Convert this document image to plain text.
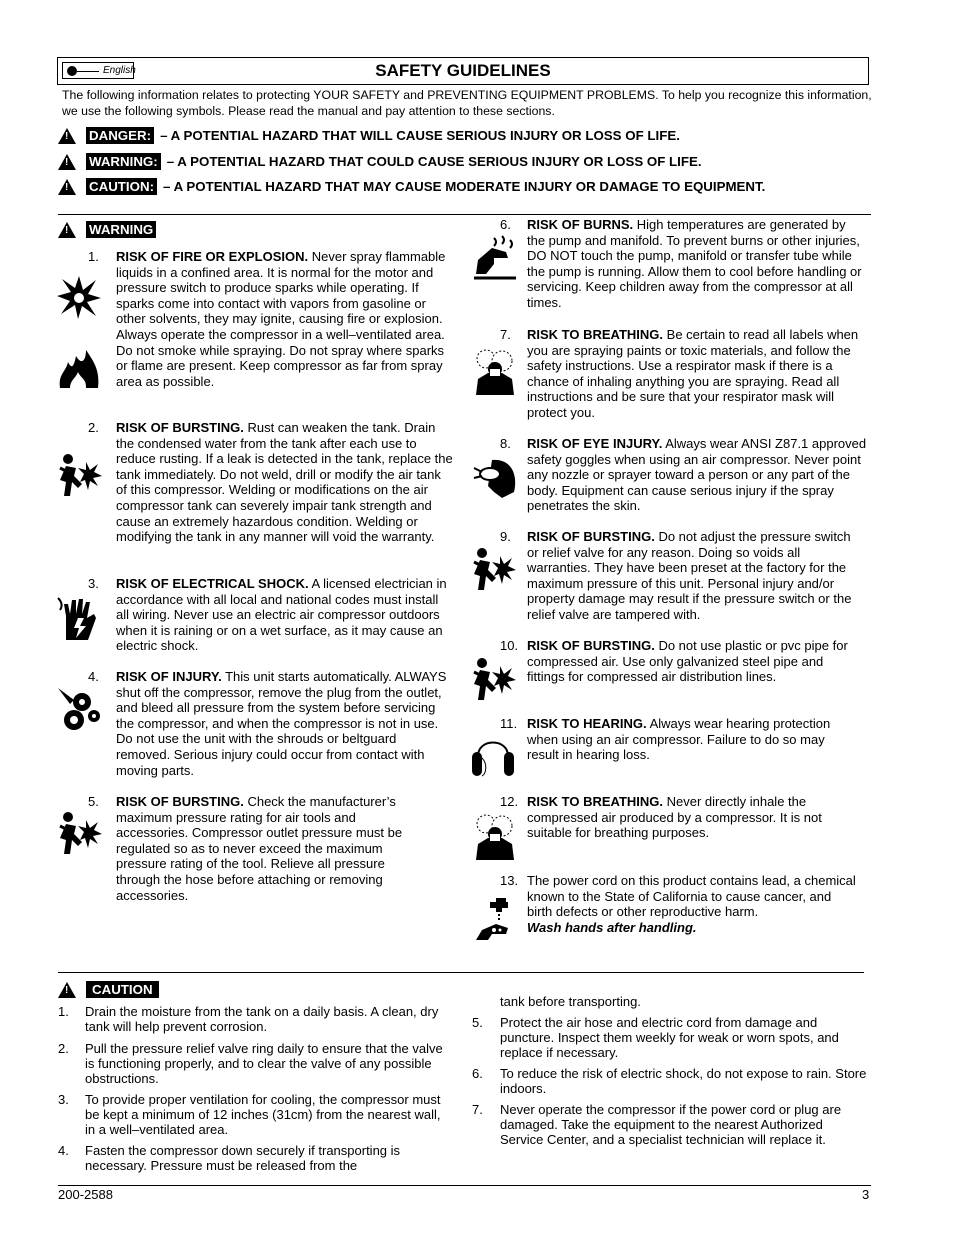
English	SAFETY GUIDELINES
The following information relates to protecting YOUR SAFETY and PREVENTING EQUIPMENT PROBLEMS. To help you recognize this information, we use the following symbols. Please read the manual and pay attention to these sections.
!
DANGER: – A POTENTIAL HAZARD THAT WILL CAUSE SERIOUS INJURY OR LOSS OF LIFE.
!
WARNING: – A POTENTIAL HAZARD THAT COULD CAUSE SERIOUS INJURY OR LOSS OF LIFE.
!
CAUTION: – A POTENTIAL HAZARD THAT MAY CAUSE MODERATE INJURY OR DAMAGE TO EQUIPMENT.
!
WARNING
1. RISK OF FIRE OR EXPLOSION. Never spray flammable liquids in a confined area. It is normal for the motor and pressure switch to produce sparks while operating. If sparks come into contact with vapors from gasoline or other solvents, they may ignite, causing fire or explosion. Always operate the compressor in a well–ventilated area. Do not smoke while spraying. Do not spray where sparks or flame are present. Keep compressor as far from spray area as possible.
2. RISK OF BURSTING. Rust can weaken the tank. Drain the condensed water from the tank after each use to reduce rusting. If a leak is detected in the tank, replace the tank immediately. Do not weld, drill or modify the air tank of this compressor. Welding or modifications on the air compressor tank can severely impair tank strength and cause an extremely hazardous condition. Welding or modifying the tank in any manner will void the warranty.
3. RISK OF ELECTRICAL SHOCK. A licensed electrician in accordance with all local and national codes must install all wiring. Never use an electric air compressor outdoors when it is raining or on a wet surface, as it may cause an electric shock.
4. RISK OF INJURY. This unit starts automatically. ALWAYS shut off the compressor, remove the plug from the outlet, and bleed all pressure from the system before servicing the compressor, and when the compressor is not in use. Do not use the unit with the shrouds or beltguard removed. Serious injury could occur from contact with moving parts.
5. RISK OF BURSTING. Check the manufacturer’s maximum pressure rating for air tools and accessories. Compressor outlet pressure must be regulated so as to never exceed the maximum pressure rating of the tool. Relieve all pressure through the hose before attaching or removing accessories.
6. RISK OF BURNS. High temperatures are generated by the pump and manifold. To prevent burns or other injuries, DO NOT touch the pump, manifold or transfer tube while the pump is running. Allow them to cool before handling or servicing. Keep children away from the compressor at all times.
7. RISK TO BREATHING. Be certain to read all labels when you are spraying paints or toxic materials, and follow the safety instructions. Use a respirator mask if there is a chance of inhaling anything you are spraying. Read all instructions and be sure that your respirator mask will protect you.
8. RISK OF EYE INJURY. Always wear ANSI Z87.1 approved safety goggles when using an air compressor. Never point any nozzle or sprayer toward a person or any part of the body. Equipment can cause serious injury if the spray penetrates the skin.
9. RISK OF BURSTING. Do not adjust the pressure switch or relief valve for any reason. Doing so voids all warranties. They have been preset at the factory for the maximum pressure of this unit. Personal injury and/or property damage may result if the pressure switch or the relief valve are tampered with.
10. RISK OF BURSTING. Do not use plastic or pvc pipe for compressed air. Use only galvanized steel pipe and fittings for compressed air distribution lines.
11. RISK TO HEARING. Always wear hearing protection when using an air compressor. Failure to do so may result in hearing loss.
12. RISK TO BREATHING. Never directly inhale the compressed air produced by a compressor. It is not suitable for breathing purposes.
13. The power cord on this product contains lead, a chemical known to the State of California to cause cancer, and birth defects or other reproductive harm.
Wash hands after handling.
!
CAUTION
1. Drain the moisture from the tank on a daily basis. A clean, dry tank will help prevent corrosion.
2. Pull the pressure relief valve ring daily to ensure that the valve is functioning properly, and to clear the valve of any possible obstructions.
3. To provide proper ventilation for cooling, the compressor must be kept a minimum of 12 inches (31cm) from the nearest wall, in a well–ventilated area.
4. Fasten the compressor down securely if transporting is necessary. Pressure must be released from the
tank before transporting.
5. Protect the air hose and electric cord from damage and puncture. Inspect them weekly for weak or worn spots, and replace if necessary.
6. To reduce the risk of electric shock, do not expose to rain. Store indoors.
7. Never operate the compressor if the power cord or plug are damaged. Take the equipment to the nearest Authorized Service Center, and a specialist technician will replace it.
200-2588	3
